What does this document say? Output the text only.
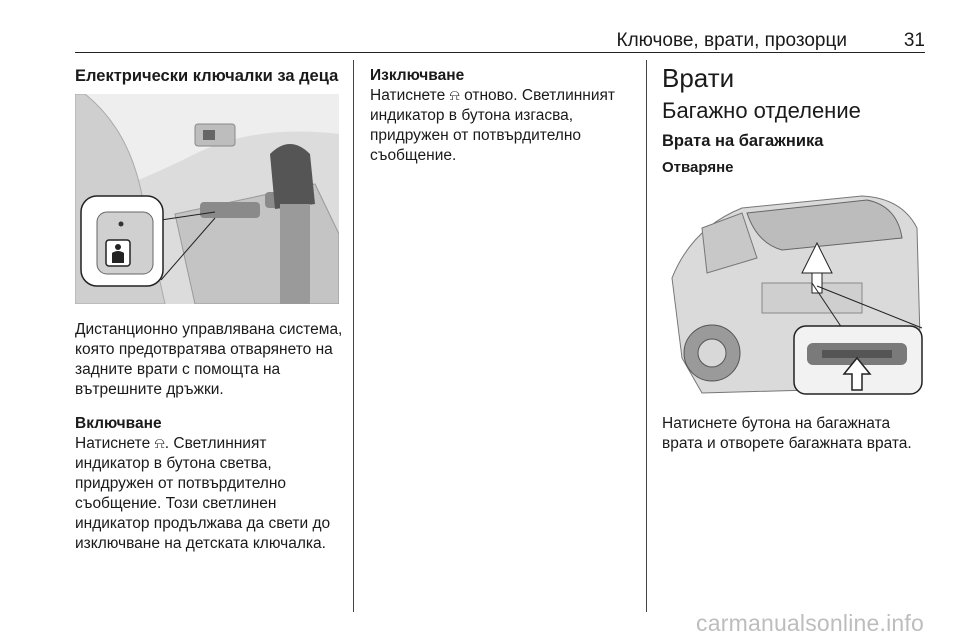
Ключове, врати, прозорци	31
Електрически ключалки за деца

Дистанционно управлявана система, която предотвратява отварянето на задните врати с помощта на вътрешните дръжки.

Включване

Натиснете ⍾. Светлинният индикатор в бутона светва, придружен от потвърдително съобщение. Този светлинен индикатор продължава да свети до изключване на детската ключалка.

Изключване

Натиснете ⍾ отново. Светлинният индикатор в бутона изгасва, придружен от потвърдително съобщение.

Врати
Багажно отделение
Врата на багажника
Отваряне

Натиснете бутона на багажната врата и отворете багажната врата.

carmanualsonline.info
